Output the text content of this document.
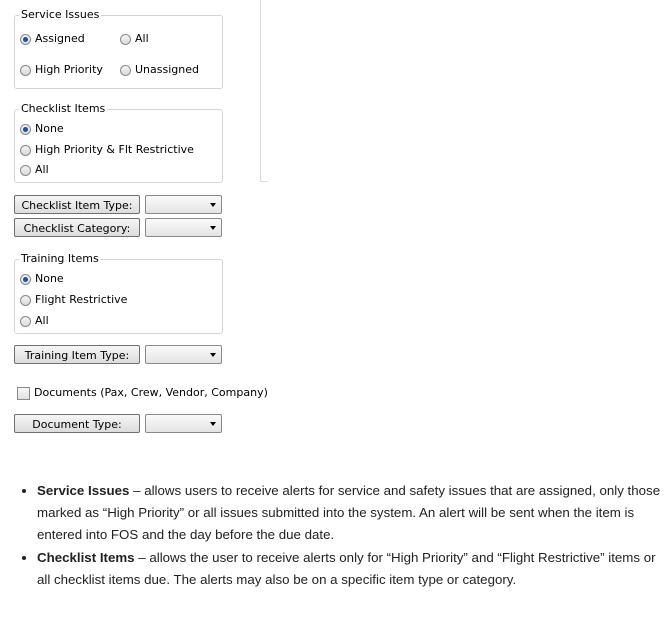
Service Issues
Assigned	All
High Priority	Unassigned
Checklist Items
None
High Priority & Flt Restrictive
All
Checklist Item Type:
Checklist Category:
Training Items
None
Flight Restrictive
All
Training Item Type:
Documents (Pax, Crew, Vendor, Company)
Document Type:
• Service Issues – allows users to receive alerts for service and safety issues that are assigned, only those marked as “High Priority” or all issues submitted into the system. An alert will be sent when the item is entered into FOS and the day before the due date.
• Checklist Items – allows the user to receive alerts only for “High Priority” and “Flight Restrictive” items or all checklist items due. The alerts may also be on a specific item type or category.
